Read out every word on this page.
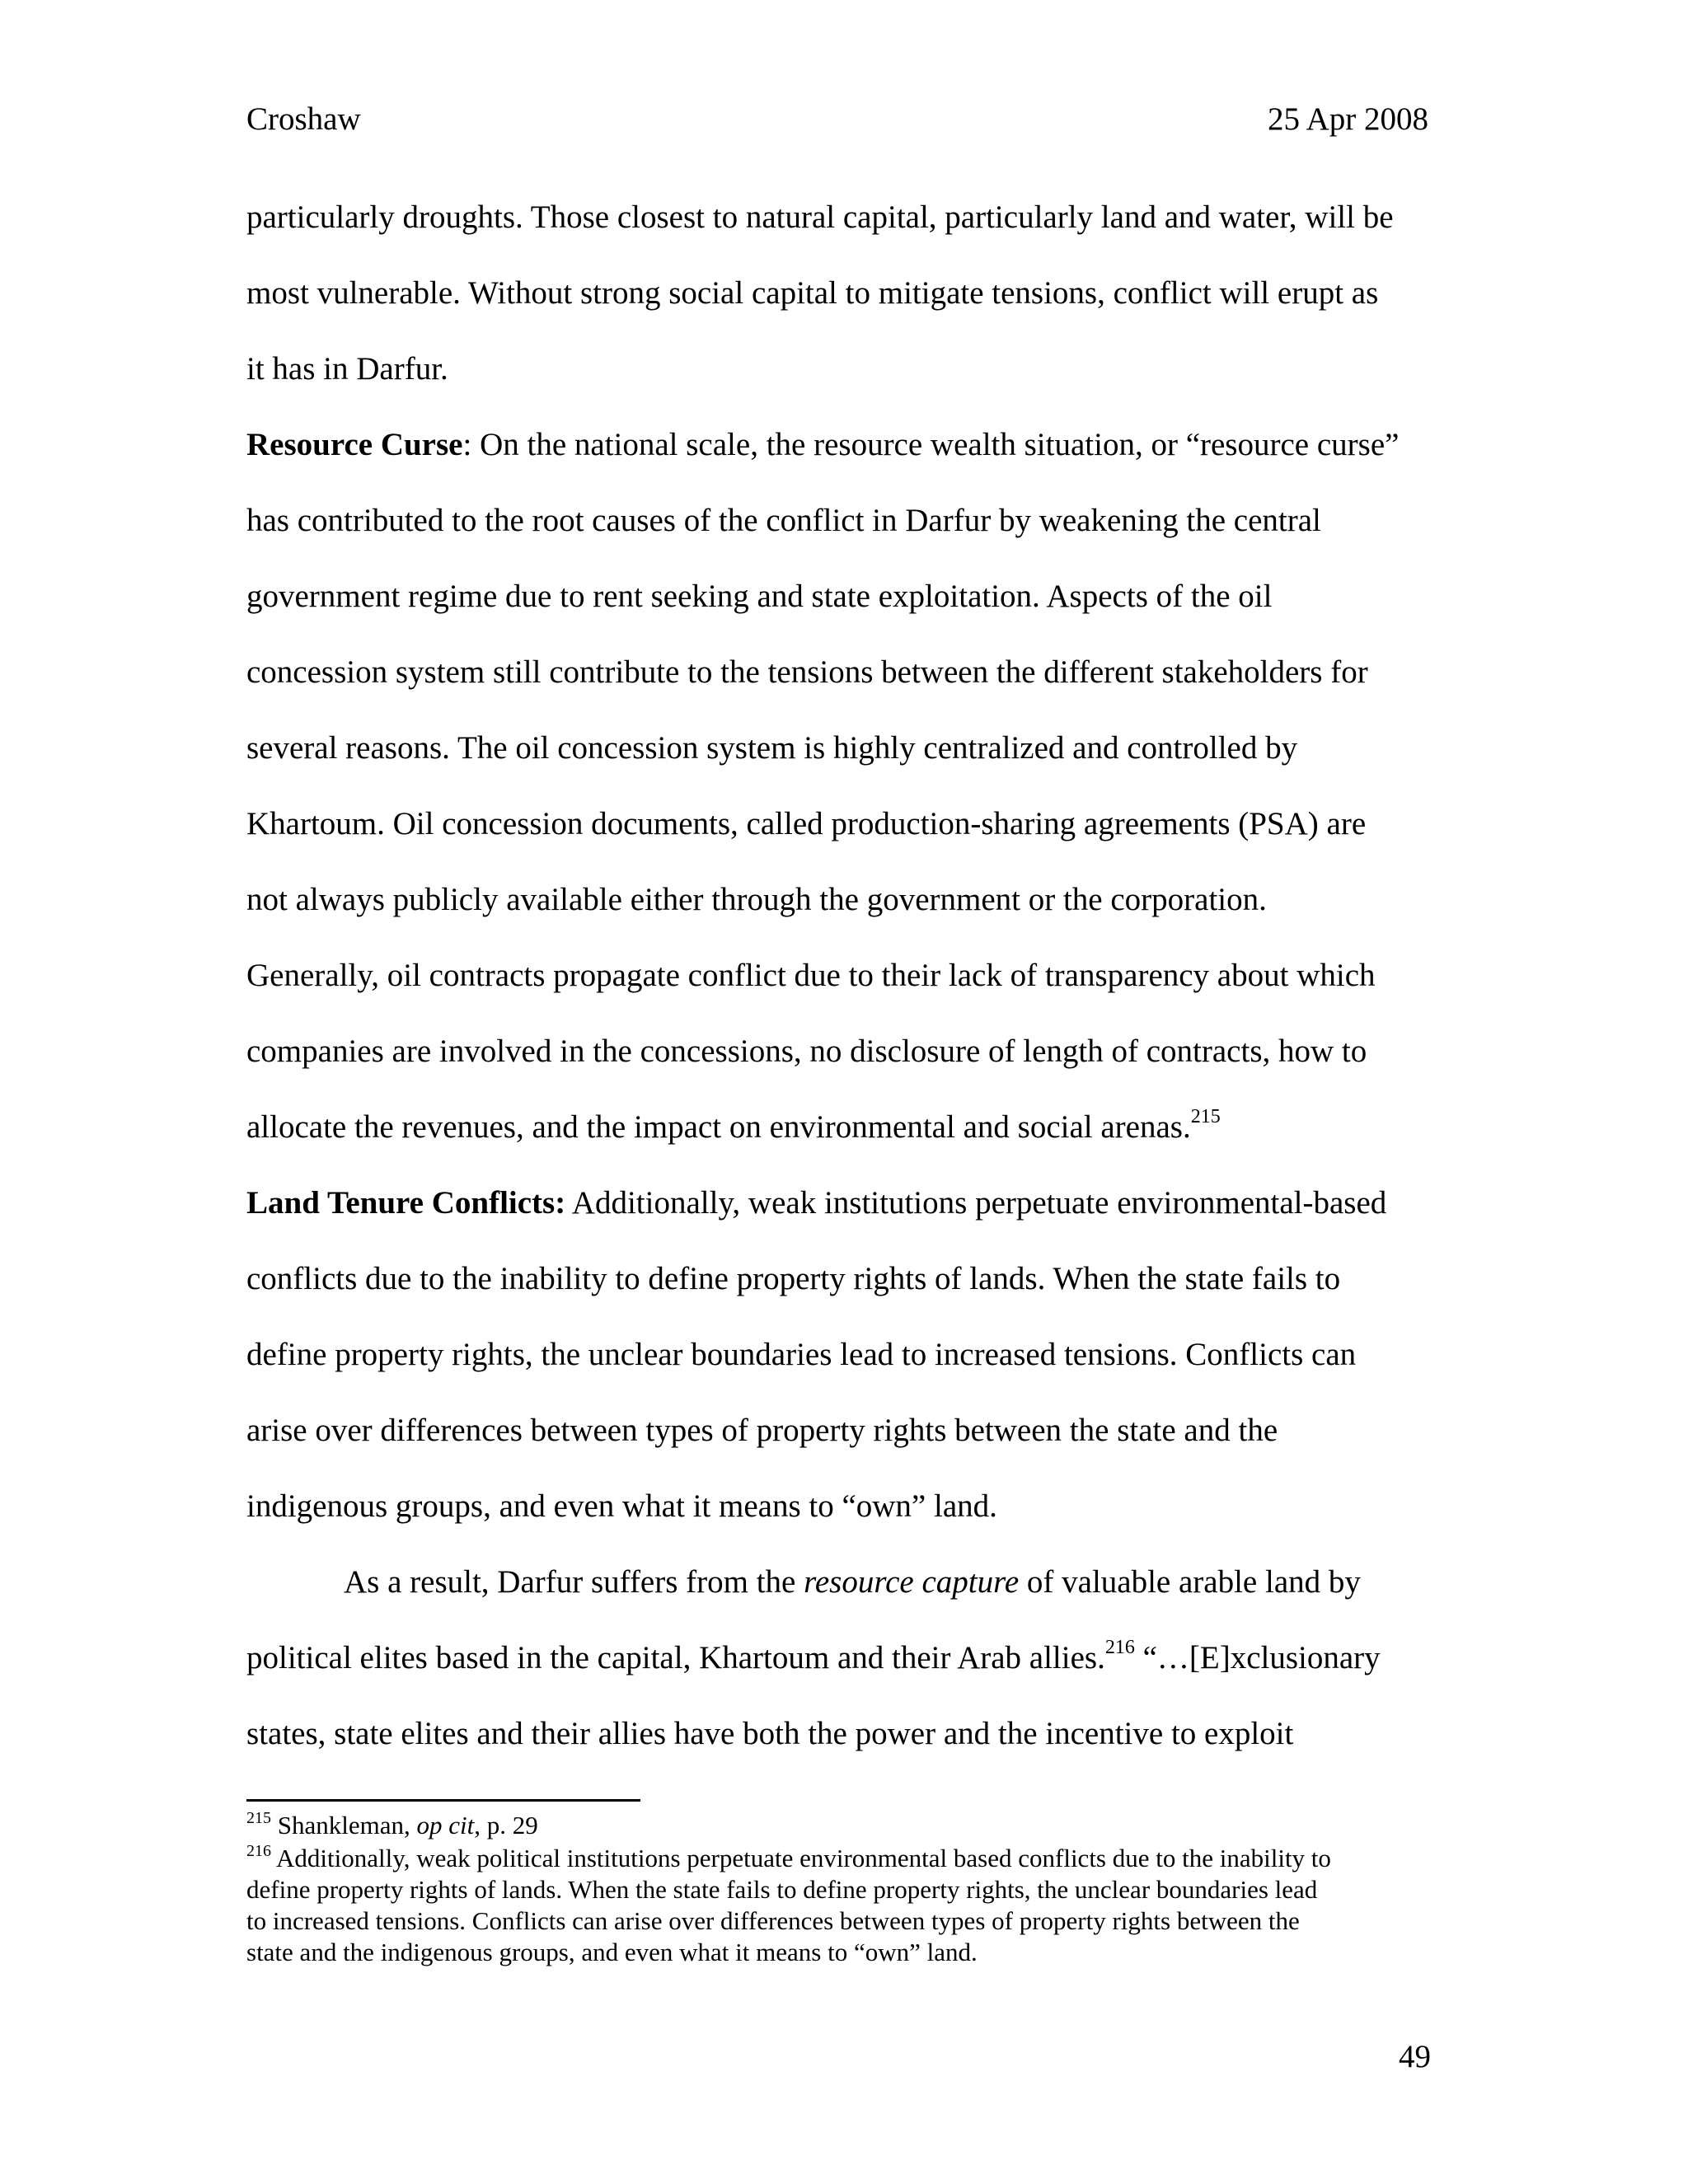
Croshaw	25 Apr 2008
particularly droughts. Those closest to natural capital, particularly land and water, will be
most vulnerable. Without strong social capital to mitigate tensions, conflict will erupt as
it has in Darfur.
Resource Curse: On the national scale, the resource wealth situation, or “resource curse”
has contributed to the root causes of the conflict in Darfur by weakening the central
government regime due to rent seeking and state exploitation. Aspects of the oil
concession system still contribute to the tensions between the different stakeholders for
several reasons. The oil concession system is highly centralized and controlled by
Khartoum. Oil concession documents, called production-sharing agreements (PSA) are
not always publicly available either through the government or the corporation.
Generally, oil contracts propagate conflict due to their lack of transparency about which
companies are involved in the concessions, no disclosure of length of contracts, how to
allocate the revenues, and the impact on environmental and social arenas.$^{215}$
Land Tenure Conflicts: Additionally, weak institutions perpetuate environmental-based
conflicts due to the inability to define property rights of lands. When the state fails to
define property rights, the unclear boundaries lead to increased tensions. Conflicts can
arise over differences between types of property rights between the state and the
indigenous groups, and even what it means to “own” land.
As a result, Darfur suffers from the resource capture of valuable arable land by
political elites based in the capital, Khartoum and their Arab allies.$^{216}$ “…[E]xclusionary
states, state elites and their allies have both the power and the incentive to exploit
$^{215}$ Shankleman, op cit, p. 29
$^{216}$ Additionally, weak political institutions perpetuate environmental based conflicts due to the inability to
define property rights of lands. When the state fails to define property rights, the unclear boundaries lead
to increased tensions. Conflicts can arise over differences between types of property rights between the
state and the indigenous groups, and even what it means to “own” land.
49
